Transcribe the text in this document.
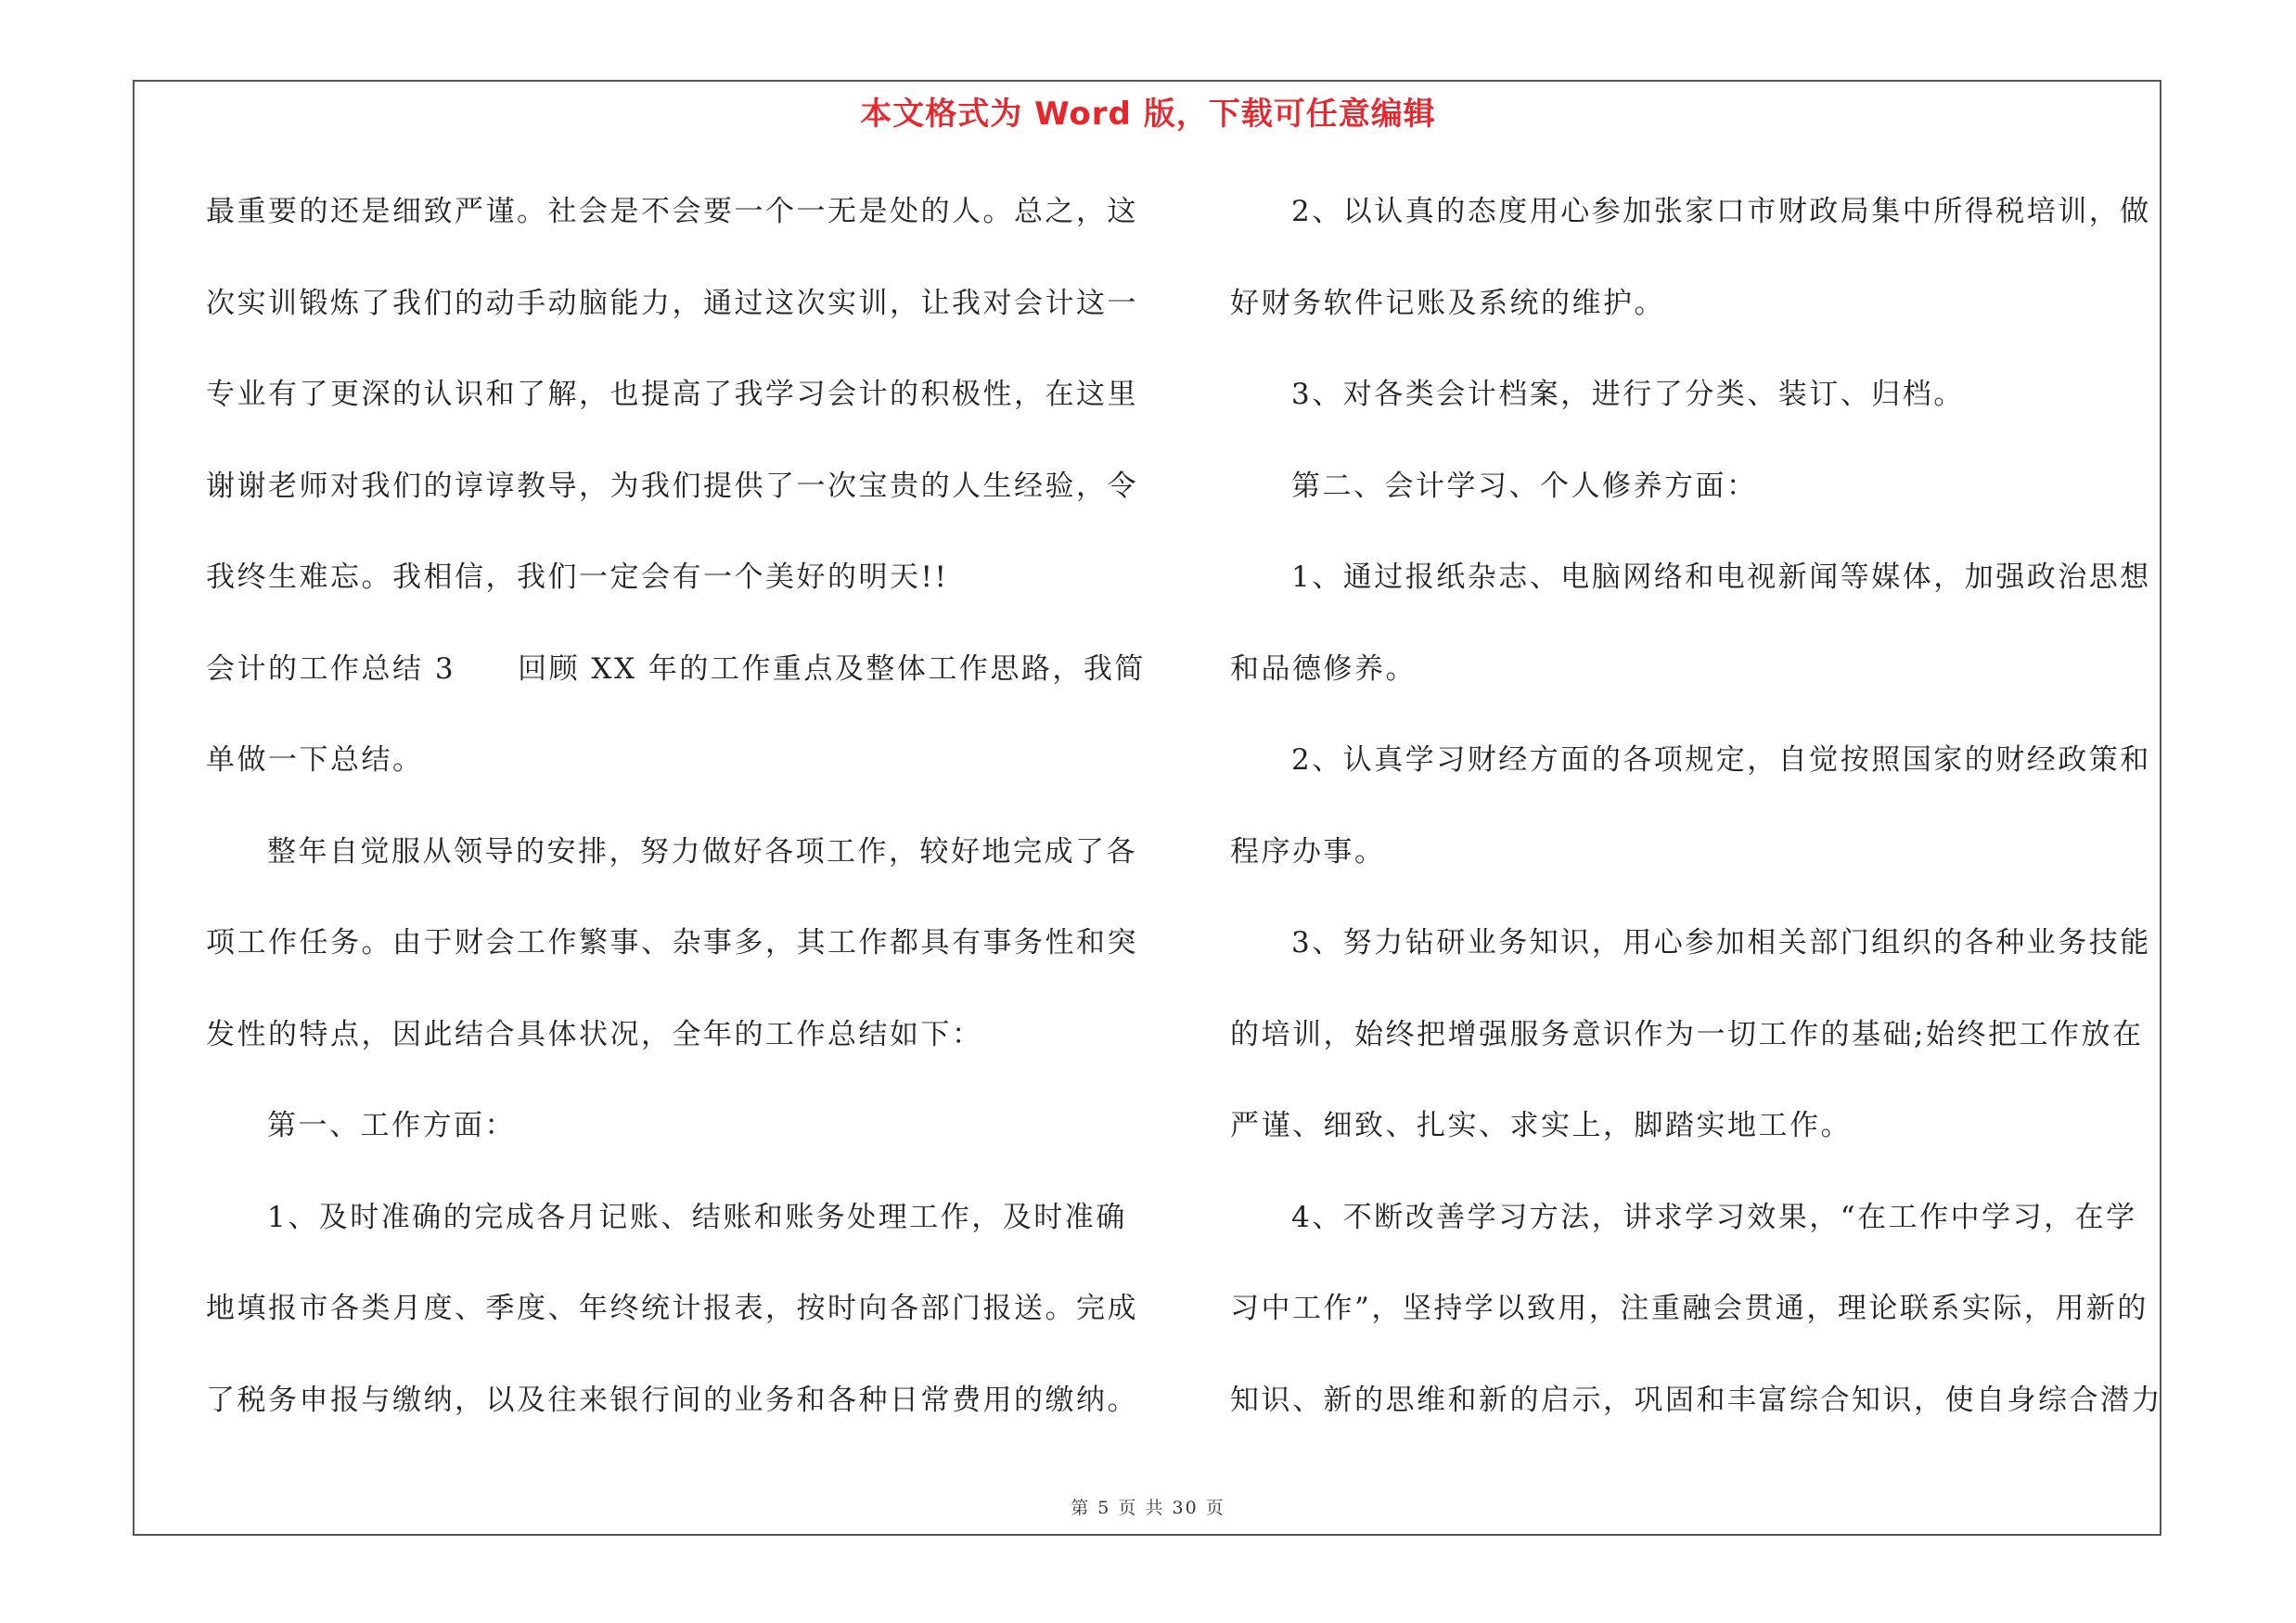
本文格式为 Word 版，下载可任意编辑
最重要的还是细致严谨。社会是不会要一个一无是处的人。总之，这
次实训锻炼了我们的动手动脑能力，通过这次实训，让我对会计这一
专业有了更深的认识和了解，也提高了我学习会计的积极性，在这里
谢谢老师对我们的谆谆教导，为我们提供了一次宝贵的人生经验，令
我终生难忘。我相信，我们一定会有一个美好的明天!!
会计的工作总结 3　　回顾 XX 年的工作重点及整体工作思路，我简
单做一下总结。
整年自觉服从领导的安排，努力做好各项工作，较好地完成了各
项工作任务。由于财会工作繁事、杂事多，其工作都具有事务性和突
发性的特点，因此结合具体状况，全年的工作总结如下：
第一、工作方面：
1、及时准确的完成各月记账、结账和账务处理工作，及时准确
地填报市各类月度、季度、年终统计报表，按时向各部门报送。完成
了税务申报与缴纳，以及往来银行间的业务和各种日常费用的缴纳。
2、以认真的态度用心参加张家口市财政局集中所得税培训，做
好财务软件记账及系统的维护。
3、对各类会计档案，进行了分类、装订、归档。
第二、会计学习、个人修养方面：
1、通过报纸杂志、电脑网络和电视新闻等媒体，加强政治思想
和品德修养。
2、认真学习财经方面的各项规定，自觉按照国家的财经政策和
程序办事。
3、努力钻研业务知识，用心参加相关部门组织的各种业务技能
的培训，始终把增强服务意识作为一切工作的基础;始终把工作放在
严谨、细致、扎实、求实上，脚踏实地工作。
4、不断改善学习方法，讲求学习效果，“在工作中学习，在学
习中工作”，坚持学以致用，注重融会贯通，理论联系实际，用新的
知识、新的思维和新的启示，巩固和丰富综合知识，使自身综合潜力
第 5 页 共 30 页
